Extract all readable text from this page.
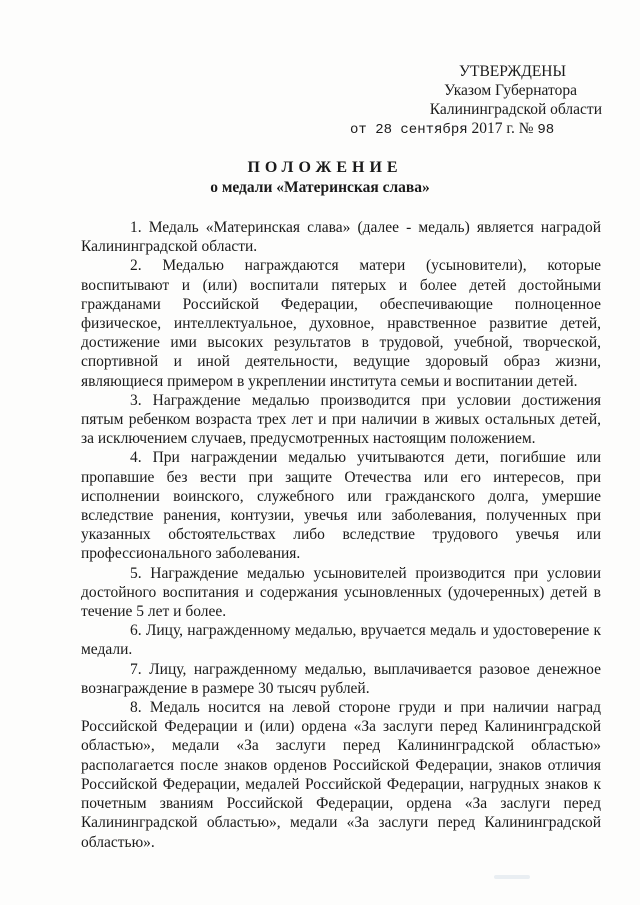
УТВЕРЖДЕНЫ
Указом Губернатора
Калининградской области
от 28 сентября 2017 г. № 98
ПОЛОЖЕНИЕ
о медали «Материнская слава»

1. Медаль «Материнская слава» (далее - медаль) является наградой Калининградской области.

2. Медалью награждаются матери (усыновители), которые воспитывают и (или) воспитали пятерых и более детей достойными гражданами Российской Федерации, обеспечивающие полноценное физическое, интеллектуальное, духовное, нравственное развитие детей, достижение ими высоких результатов в трудовой, учебной, творческой, спортивной и иной деятельности, ведущие здоровый образ жизни, являющиеся примером в укреплении института семьи и воспитании детей.

3. Награждение медалью производится при условии достижения пятым ребенком возраста трех лет и при наличии в живых остальных детей, за исключением случаев, предусмотренных настоящим положением.

4. При награждении медалью учитываются дети, погибшие или пропавшие без вести при защите Отечества или его интересов, при исполнении воинского, служебного или гражданского долга, умершие вследствие ранения, контузии, увечья или заболевания, полученных при указанных обстоятельствах либо вследствие трудового увечья или профессионального заболевания.

5. Награждение медалью усыновителей производится при условии достойного воспитания и содержания усыновленных (удочеренных) детей в течение 5 лет и более.

6. Лицу, награжденному медалью, вручается медаль и удостоверение к медали.

7. Лицу, награжденному медалью, выплачивается разовое денежное вознаграждение в размере 30 тысяч рублей.

8. Медаль носится на левой стороне груди и при наличии наград Российской Федерации и (или) ордена «За заслуги перед Калининградской областью», медали «За заслуги перед Калининградской областью» располагается после знаков орденов Российской Федерации, знаков отличия Российской Федерации, медалей Российской Федерации, нагрудных знаков к почетным званиям Российской Федерации, ордена «За заслуги перед Калининградской областью», медали «За заслуги перед Калининградской областью».
